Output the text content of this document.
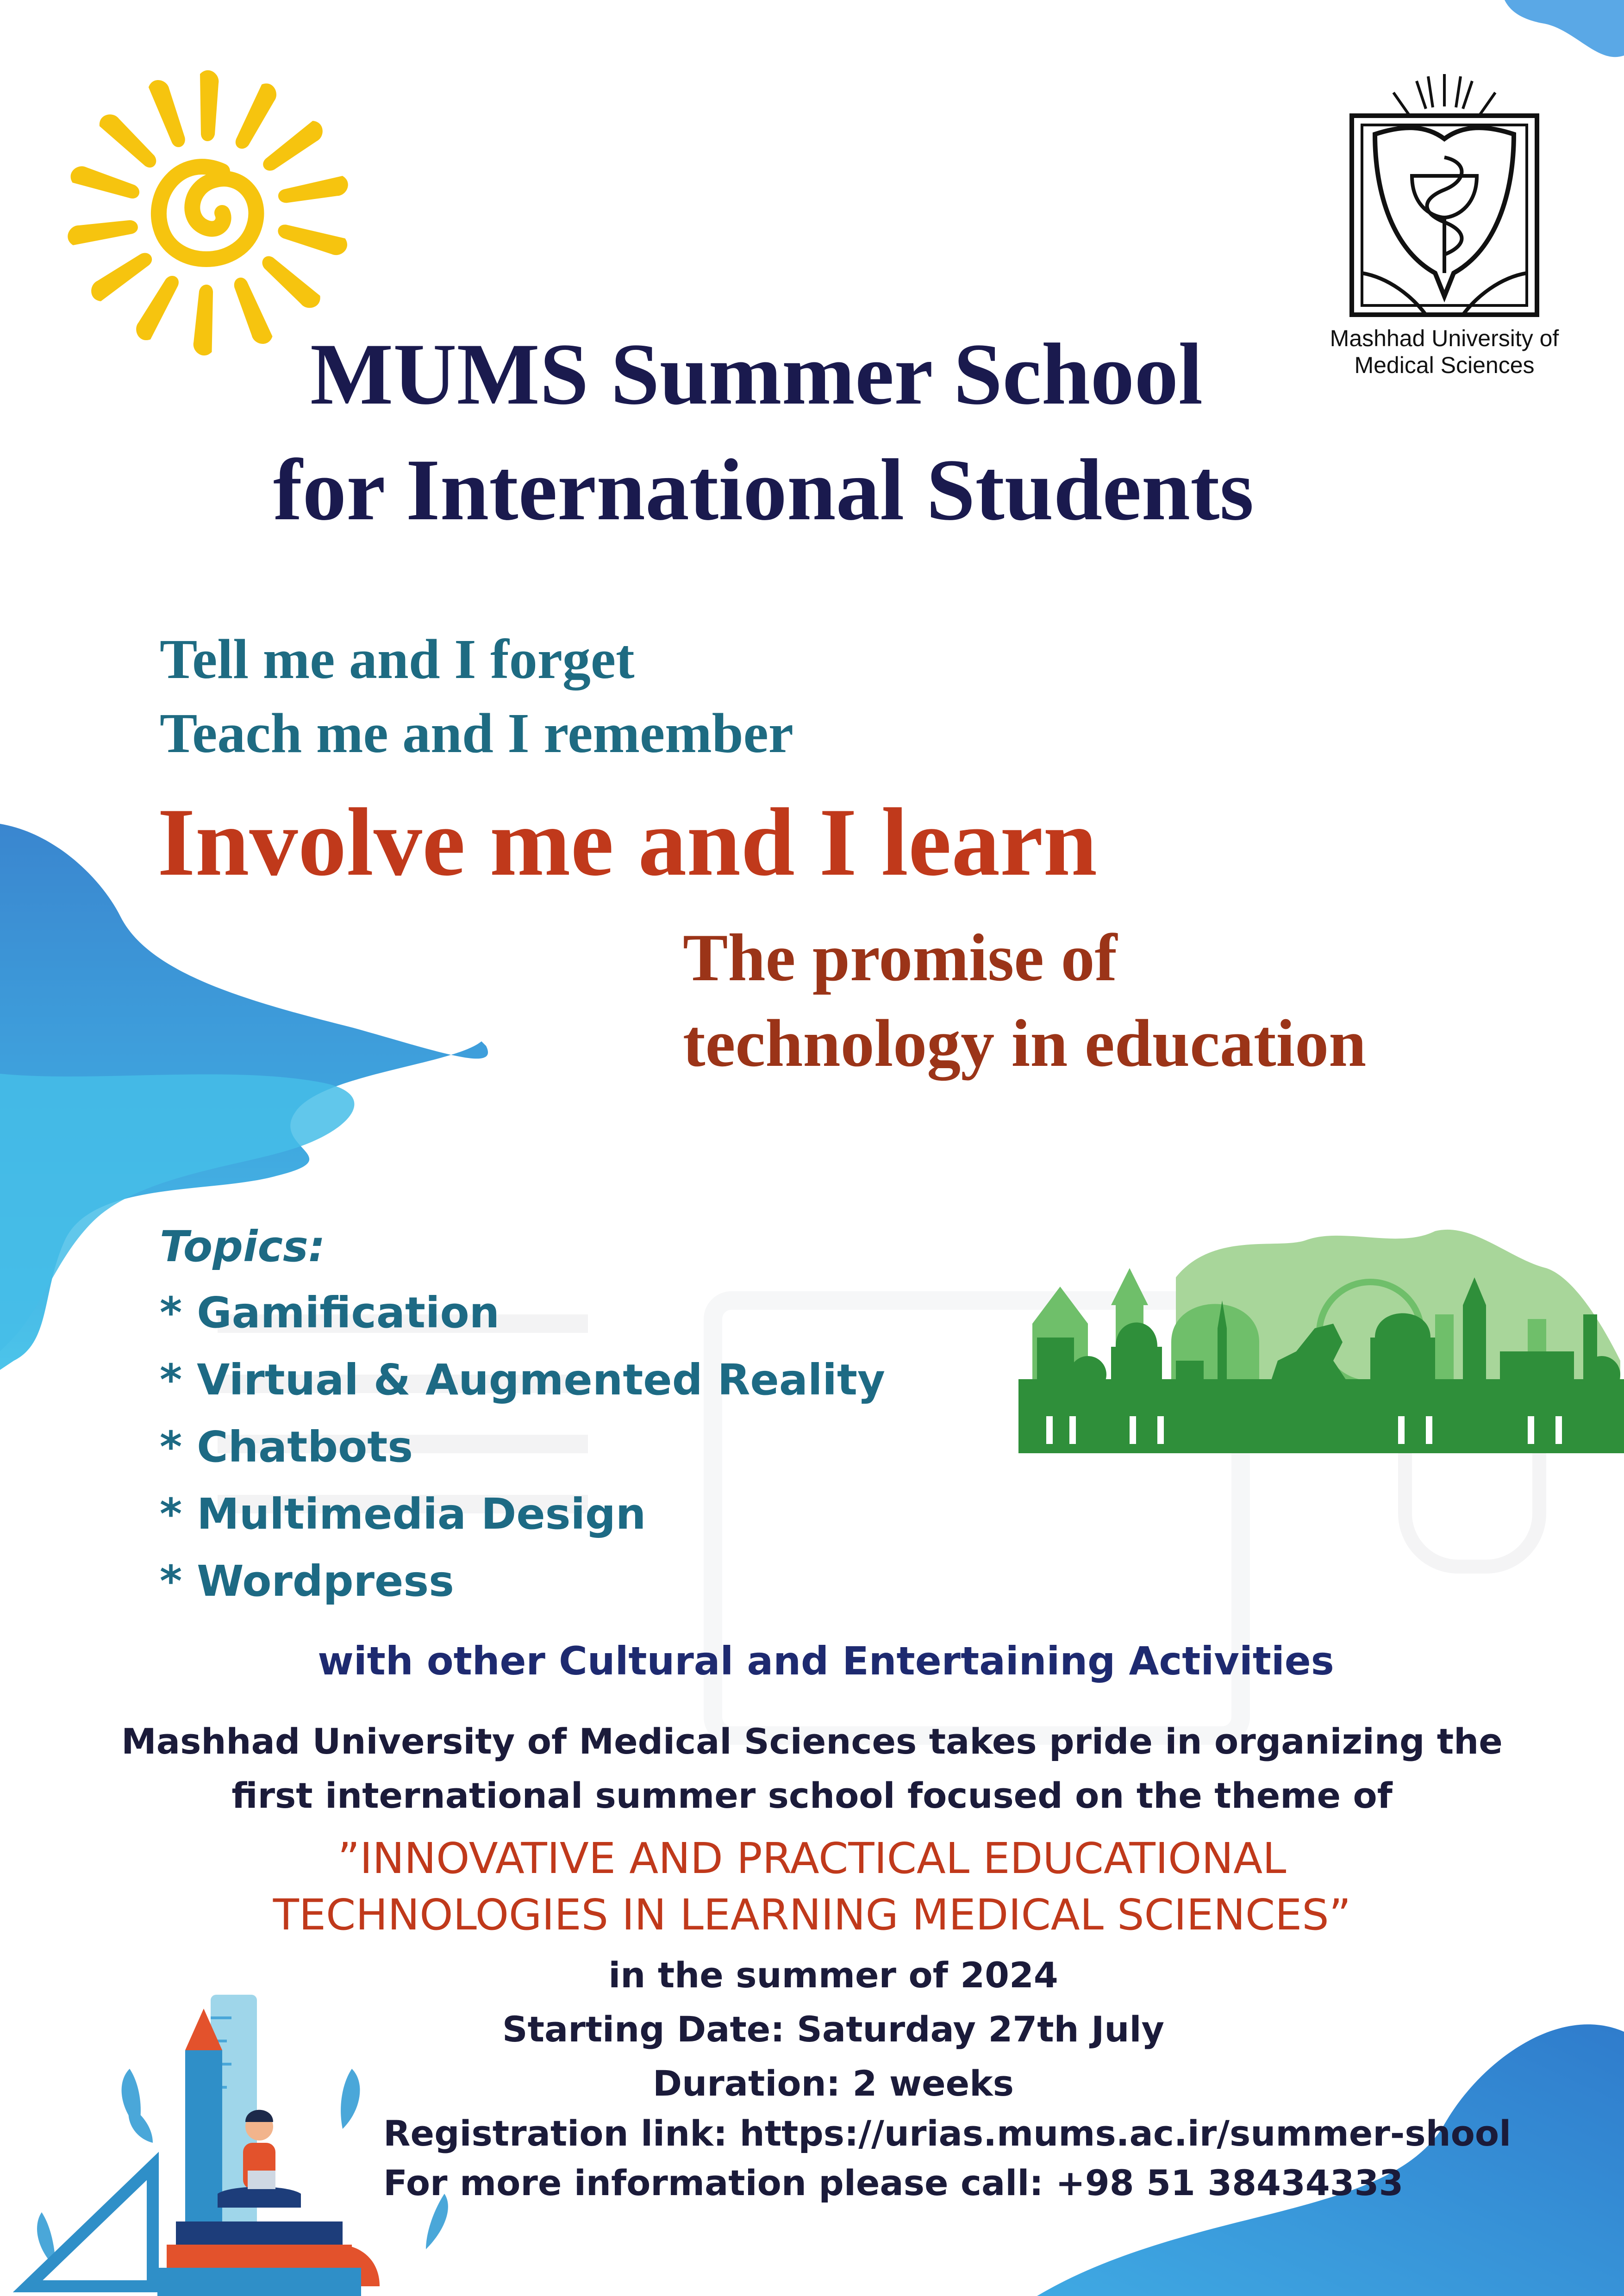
Mashhad University of
Medical Sciences
MUMS Summer School
for International Students
Tell me and I forget
Teach me and I remember
Involve me and I learn
The promise of
technology in education
Topics:
* Gamification
* Virtual & Augmented Reality
* Chatbots
* Multimedia Design
* Wordpress
with other Cultural and Entertaining Activities
Mashhad University of Medical Sciences takes pride in organizing the
first international summer school focused on the theme of
”INNOVATIVE AND PRACTICAL EDUCATIONAL
TECHNOLOGIES IN LEARNING MEDICAL SCIENCES”
in the summer of 2024
Starting Date: Saturday 27th July
Duration: 2 weeks
Registration link: https://urias.mums.ac.ir/summer-shool
For more information please call: +98 51 38434333
